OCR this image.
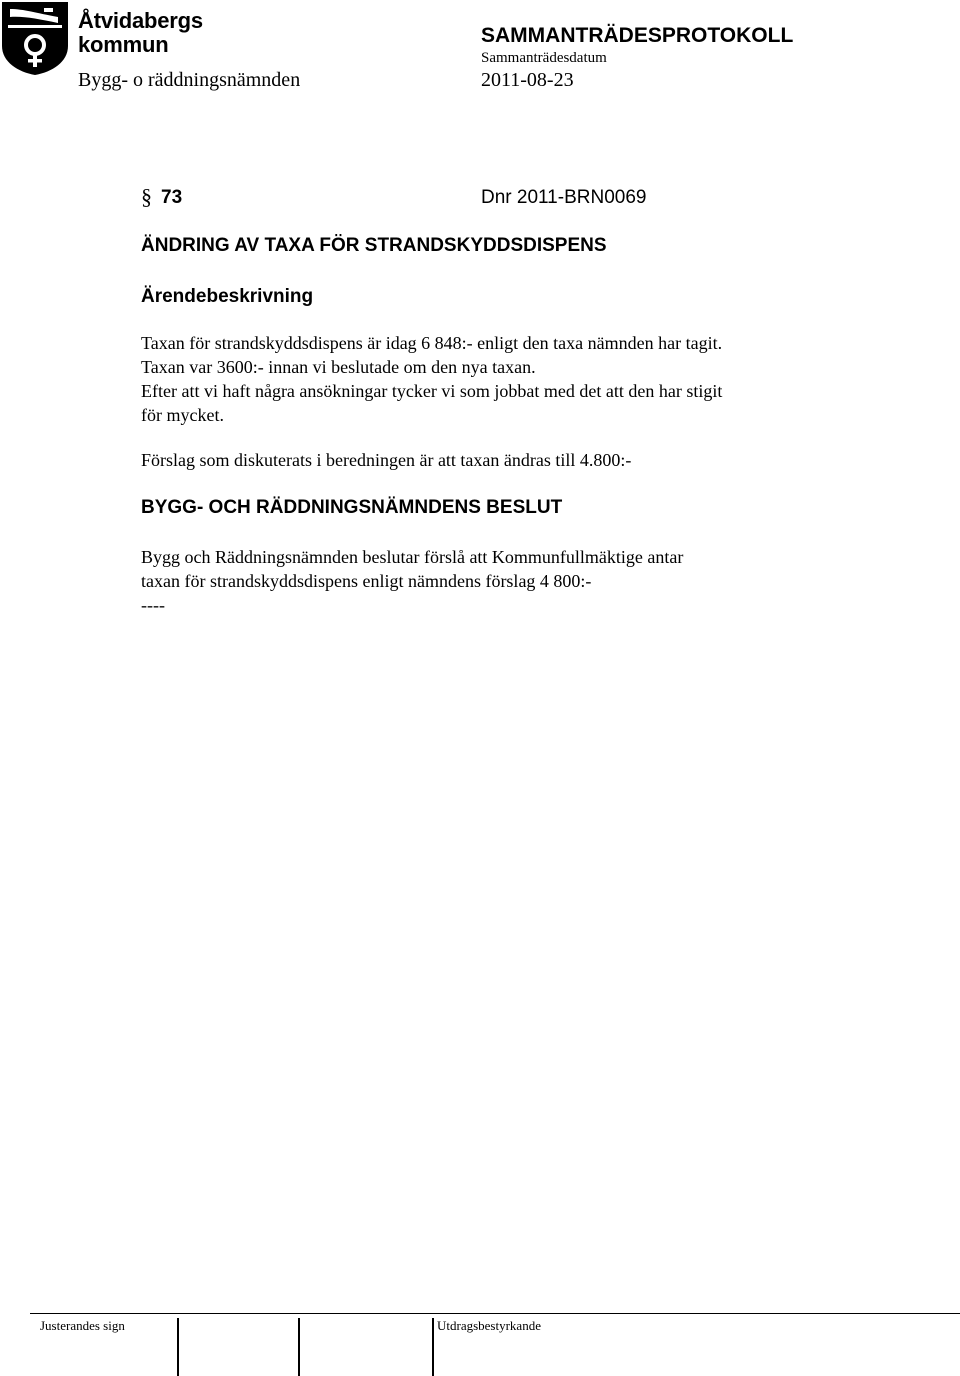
Åtvidabergs
kommun	SAMMANTRÄDESPROTOKOLL
Sammanträdesdatum
Bygg- o räddningsnämnden	2011-08-23
§ 73	Dnr 2011-BRN0069
ÄNDRING AV TAXA FÖR STRANDSKYDDSDISPENS
Ärendebeskrivning
Taxan för strandskyddsdispens är idag 6 848:- enligt den taxa nämnden har tagit.
Taxan var 3600:- innan vi beslutade om den nya taxan.
Efter att vi haft några ansökningar tycker vi som jobbat med det att den har stigit
för mycket.
Förslag som diskuterats i beredningen är att taxan ändras till 4.800:-
BYGG- OCH RÄDDNINGSNÄMNDENS BESLUT
Bygg och Räddningsnämnden beslutar förslå att Kommunfullmäktige antar
taxan för strandskyddsdispens enligt nämndens förslag 4 800:-
----
Justerandes sign	Utdragsbestyrkande
